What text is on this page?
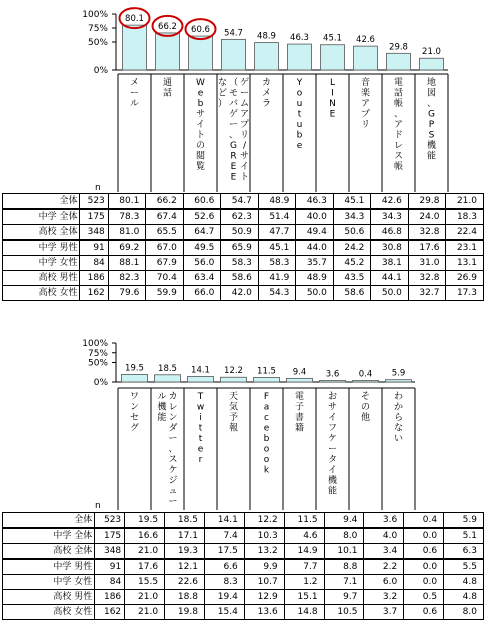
100%
75%
50%
0%
80.1
66.2 60.6 54.7 48.9 46.3 45.1 42.6
29.8 21.0
メール
通話
W e b サイトの閲覧
ゲームアプリ/サイト（モバゲー、 G R E Eなど）
カメラ
Y o u t u b e
L I N E
音楽アプリ
電話帳、アドレス帳
地図、 G P S 機能
n
全体	523	80.1	66.2	60.6	54.7	48.9	46.3	45.1	42.6	29.8	21.0
中学 全体	175	78.3	67.4	52.6	62.3	51.4	40.0	34.3	34.3	24.0	18.3
高校 全体	348	81.0	65.5	64.7	50.9	47.7	49.4	50.6	46.8	32.8	22.4
中学 男性	91	69.2	67.0	49.5	65.9	45.1	44.0	24.2	30.8	17.6	23.1
中学 女性	84	88.1	67.9	56.0	58.3	58.3	35.7	45.2	38.1	31.0	13.1
高校 男性	186	82.3	70.4	63.4	58.6	41.9	48.9	43.5	44.1	32.8	26.9
高校 女性	162	79.6	59.9	66.0	42.0	54.3	50.0	58.6	50.0	32.7	17.3
100%
75%
50%
0%
19.5 18.5 14.1 12.2 11.5 9.4 3.6 0.4 5.9
ワンセグ
カレンダー、スケジュール機能
T w i t t e r
天気予報
F a c e b o o k
電子書籍
おサイフケータイ機能
その他
わからない
n
全体	523	19.5	18.5	14.1	12.2	11.5	9.4	3.6	0.4	5.9
中学 全体	175	16.6	17.1	7.4	10.3	4.6	8.0	4.0	0.0	5.1
高校 全体	348	21.0	19.3	17.5	13.2	14.9	10.1	3.4	0.6	6.3
中学 男性	91	17.6	12.1	6.6	9.9	7.7	8.8	2.2	0.0	5.5
中学 女性	84	15.5	22.6	8.3	10.7	1.2	7.1	6.0	0.0	4.8
高校 男性	186	21.0	18.8	19.4	12.9	15.1	9.7	3.2	0.5	4.8
高校 女性	162	21.0	19.8	15.4	13.6	14.8	10.5	3.7	0.6	8.0
